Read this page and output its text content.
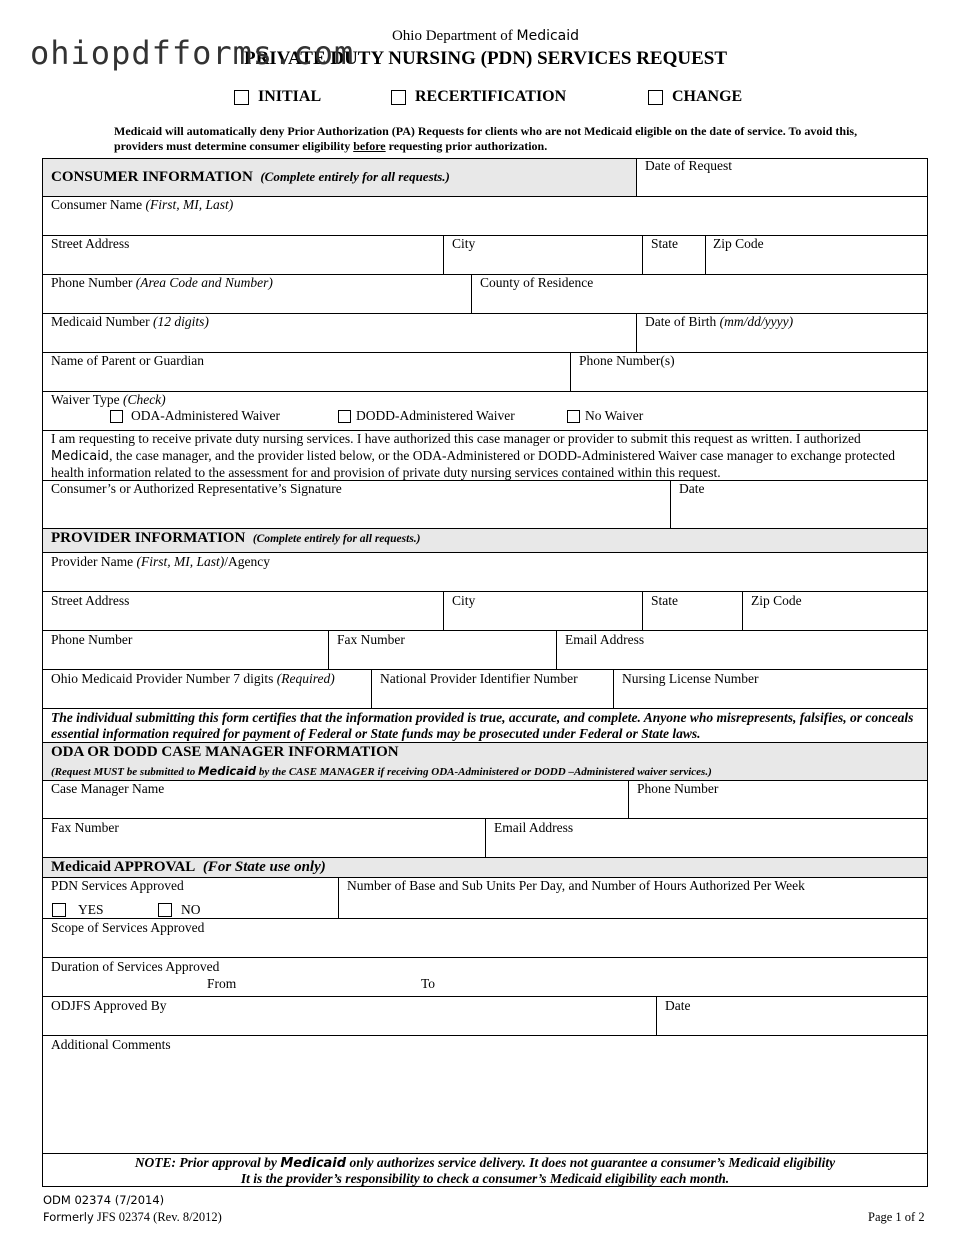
Ohio Department of Medicaid
PRIVATE DUTY NURSING (PDN) SERVICES REQUEST
ohiopdfforms.com
INITIAL	RECERTIFICATION	CHANGE
Medicaid will automatically deny Prior Authorization (PA) Requests for clients who are not Medicaid eligible on the date of service. To avoid this, providers must determine consumer eligibility before requesting prior authorization.
CONSUMER INFORMATION (Complete entirely for all requests.)
Date of Request
Consumer Name (First, MI, Last)
Street Address	City	State	Zip Code
Phone Number (Area Code and Number)	County of Residence
Medicaid Number (12 digits)	Date of Birth (mm/dd/yyyy)
Name of Parent or Guardian	Phone Number(s)
Waiver Type (Check)
ODA-Administered Waiver	DODD-Administered Waiver	No Waiver
I am requesting to receive private duty nursing services. I have authorized this case manager or provider to submit this request as written. I authorized Medicaid, the case manager, and the provider listed below, or the ODA-Administered or DODD-Administered Waiver case manager to exchange protected health information related to the assessment for and provision of private duty nursing services contained within this request.
Consumer’s or Authorized Representative’s Signature	Date
PROVIDER INFORMATION (Complete entirely for all requests.)
Provider Name (First, MI, Last)/Agency
Street Address	City	State	Zip Code
Phone Number	Fax Number	Email Address
Ohio Medicaid Provider Number 7 digits (Required)	National Provider Identifier Number	Nursing License Number
The individual submitting this form certifies that the information provided is true, accurate, and complete. Anyone who misrepresents, falsifies, or conceals essential information required for payment of Federal or State funds may be prosecuted under Federal or State laws.
ODA OR DODD CASE MANAGER INFORMATION
(Request MUST be submitted to Medicaid by the CASE MANAGER if receiving ODA-Administered or DODD –Administered waiver services.)
Case Manager Name	Phone Number
Fax Number	Email Address
Medicaid APPROVAL (For State use only)
PDN Services Approved
YES	NO
Number of Base and Sub Units Per Day, and Number of Hours Authorized Per Week
Scope of Services Approved
Duration of Services Approved
From	To
ODJFS Approved By	Date
Additional Comments
NOTE: Prior approval by Medicaid only authorizes service delivery. It does not guarantee a consumer’s Medicaid eligibility
It is the provider’s responsibility to check a consumer’s Medicaid eligibility each month.
ODM 02374 (7/2014)
Formerly JFS 02374 (Rev. 8/2012)	Page 1 of 2
